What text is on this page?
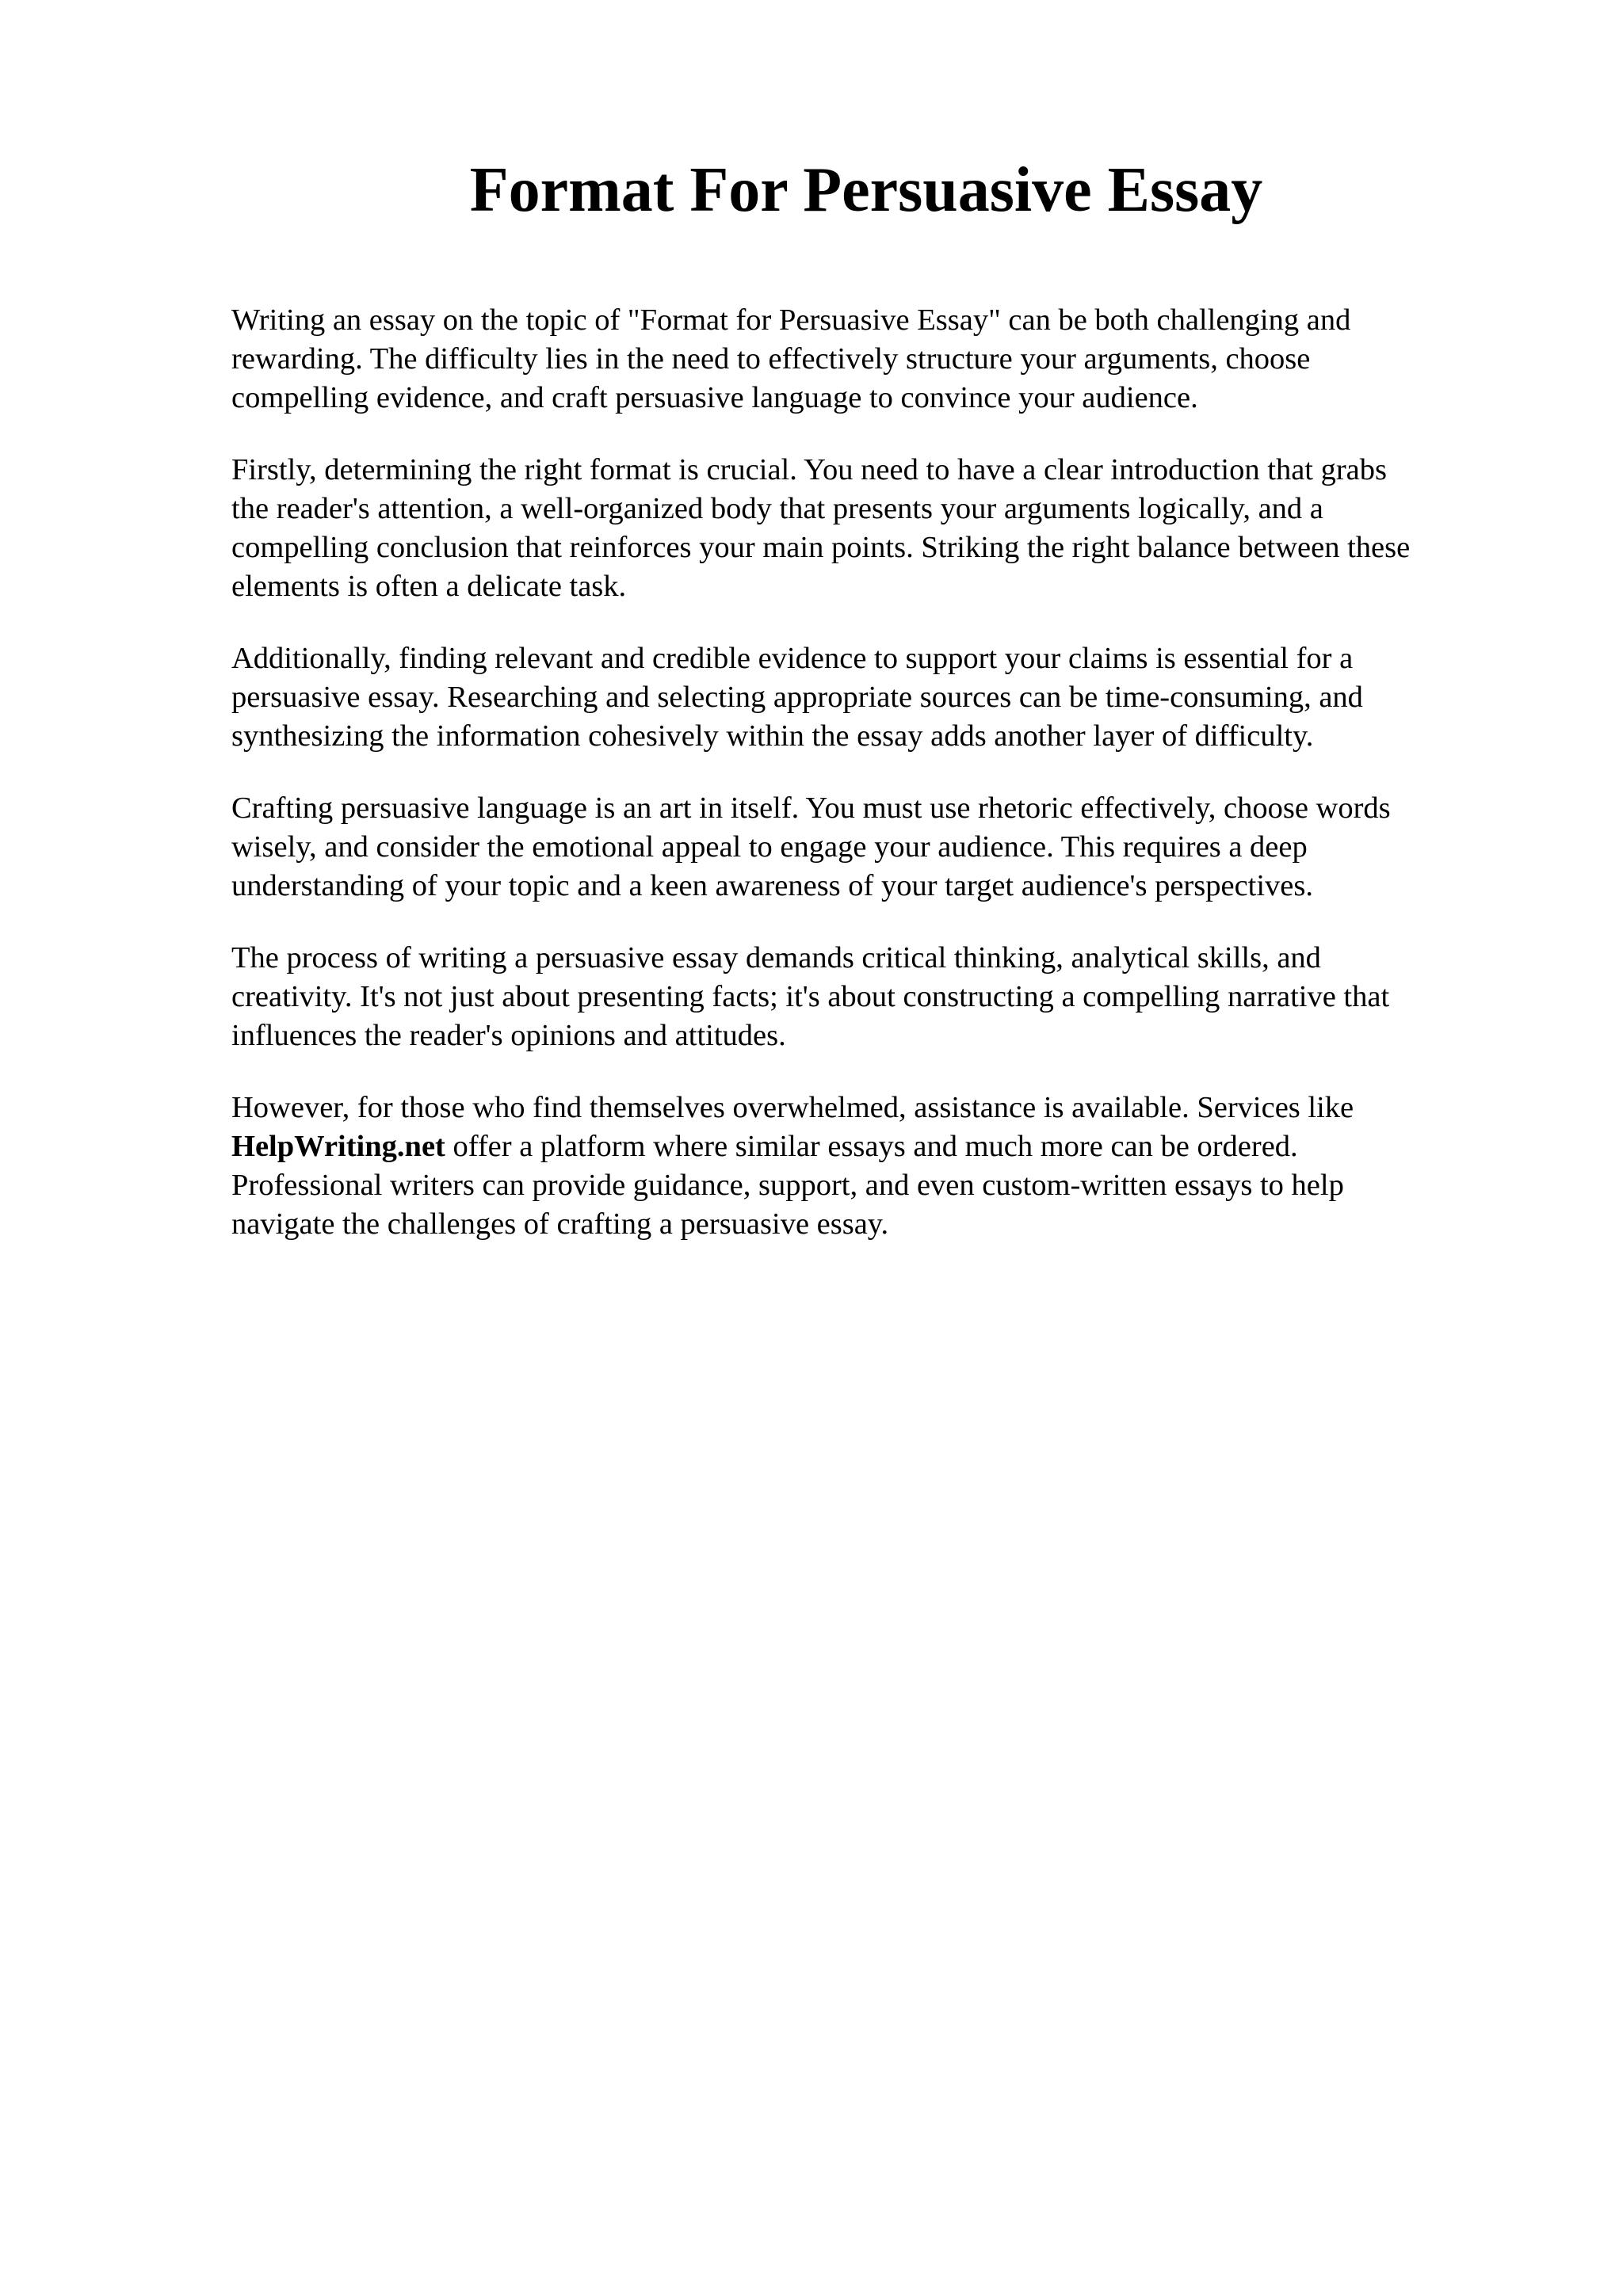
Format For Persuasive Essay

Writing an essay on the topic of "Format for Persuasive Essay" can be both challenging and
rewarding. The difficulty lies in the need to effectively structure your arguments, choose
compelling evidence, and craft persuasive language to convince your audience.

Firstly, determining the right format is crucial. You need to have a clear introduction that grabs
the reader's attention, a well-organized body that presents your arguments logically, and a
compelling conclusion that reinforces your main points. Striking the right balance between these
elements is often a delicate task.

Additionally, finding relevant and credible evidence to support your claims is essential for a
persuasive essay. Researching and selecting appropriate sources can be time-consuming, and
synthesizing the information cohesively within the essay adds another layer of difficulty.

Crafting persuasive language is an art in itself. You must use rhetoric effectively, choose words
wisely, and consider the emotional appeal to engage your audience. This requires a deep
understanding of your topic and a keen awareness of your target audience's perspectives.

The process of writing a persuasive essay demands critical thinking, analytical skills, and
creativity. It's not just about presenting facts; it's about constructing a compelling narrative that
influences the reader's opinions and attitudes.

However, for those who find themselves overwhelmed, assistance is available. Services like
HelpWriting.net offer a platform where similar essays and much more can be ordered.
Professional writers can provide guidance, support, and even custom-written essays to help
navigate the challenges of crafting a persuasive essay.
